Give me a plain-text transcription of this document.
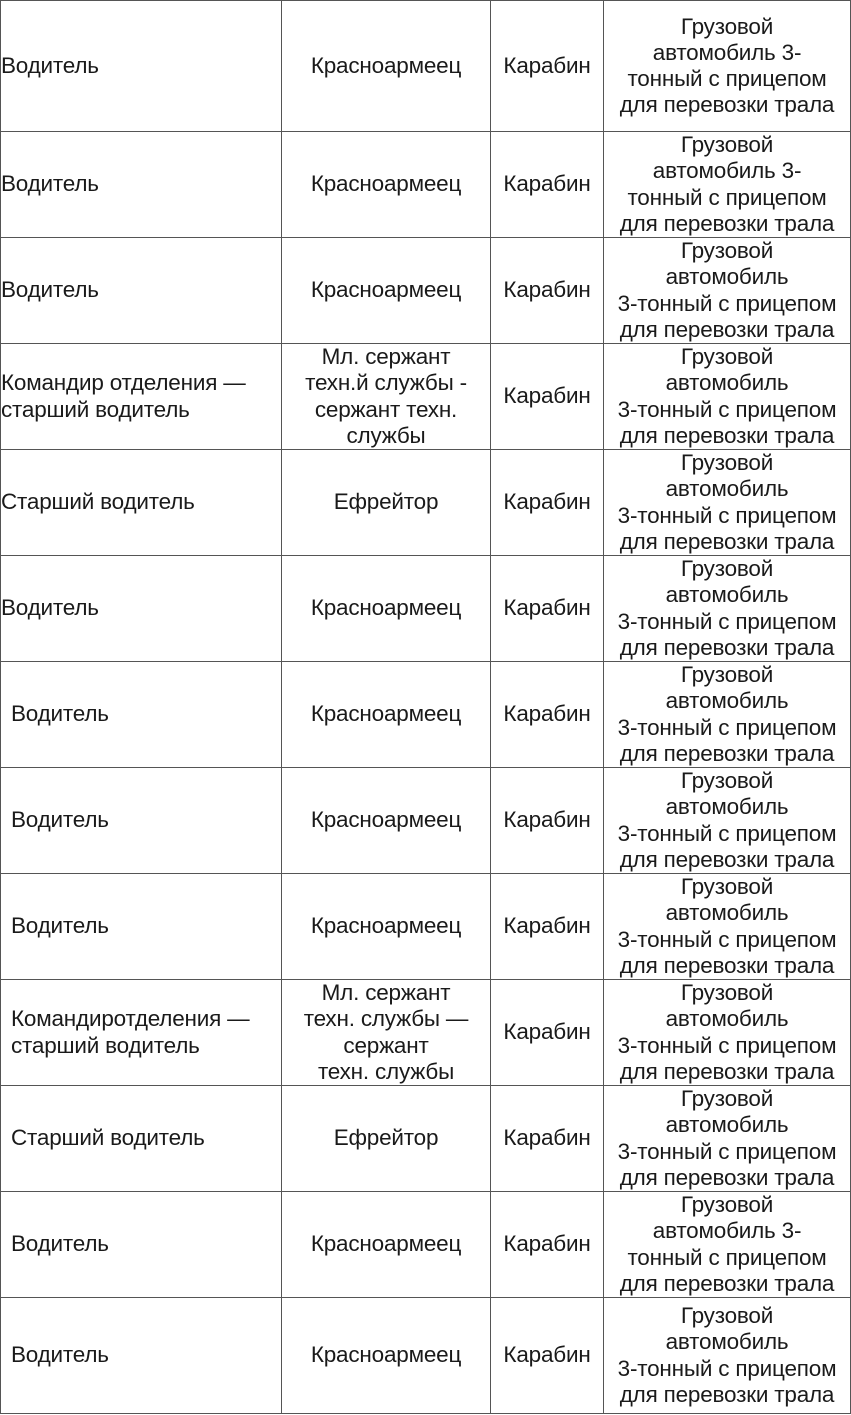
Водитель	Красноармеец	Карабин	Грузовой
автомобиль 3-
тонный с прицепом
для перевозки трала

Водитель	Красноармеец	Карабин	Грузовой
автомобиль 3-
тонный с прицепом
для перевозки трала

Водитель	Красноармеец	Карабин	Грузовой
автомобиль
3-тонный с прицепом
для перевозки трала

Командир отделения —
старший водитель	Мл. сержант
техн.й службы -
сержант техн.
службы	Карабин	Грузовой
автомобиль
3-тонный с прицепом
для перевозки трала

Старший водитель	Ефрейтор	Карабин	Грузовой
автомобиль
3-тонный с прицепом
для перевозки трала

Водитель	Красноармеец	Карабин	Грузовой
автомобиль
3-тонный с прицепом
для перевозки трала

Водитель	Красноармеец	Карабин	Грузовой
автомобиль
3-тонный с прицепом
для перевозки трала

Водитель	Красноармеец	Карабин	Грузовой
автомобиль
3-тонный с прицепом
для перевозки трала

Водитель	Красноармеец	Карабин	Грузовой
автомобиль
3-тонный с прицепом
для перевозки трала

Командиротделения —
старший водитель	Мл. сержант
техн. службы —
сержант
техн. службы	Карабин	Грузовой
автомобиль
3-тонный с прицепом
для перевозки трала

Старший водитель	Ефрейтор	Карабин	Грузовой
автомобиль
3-тонный с прицепом
для перевозки трала

Водитель	Красноармеец	Карабин	Грузовой
автомобиль 3-
тонный с прицепом
для перевозки трала

Водитель	Красноармеец	Карабин	Грузовой
автомобиль
3-тонный с прицепом
для перевозки трала
